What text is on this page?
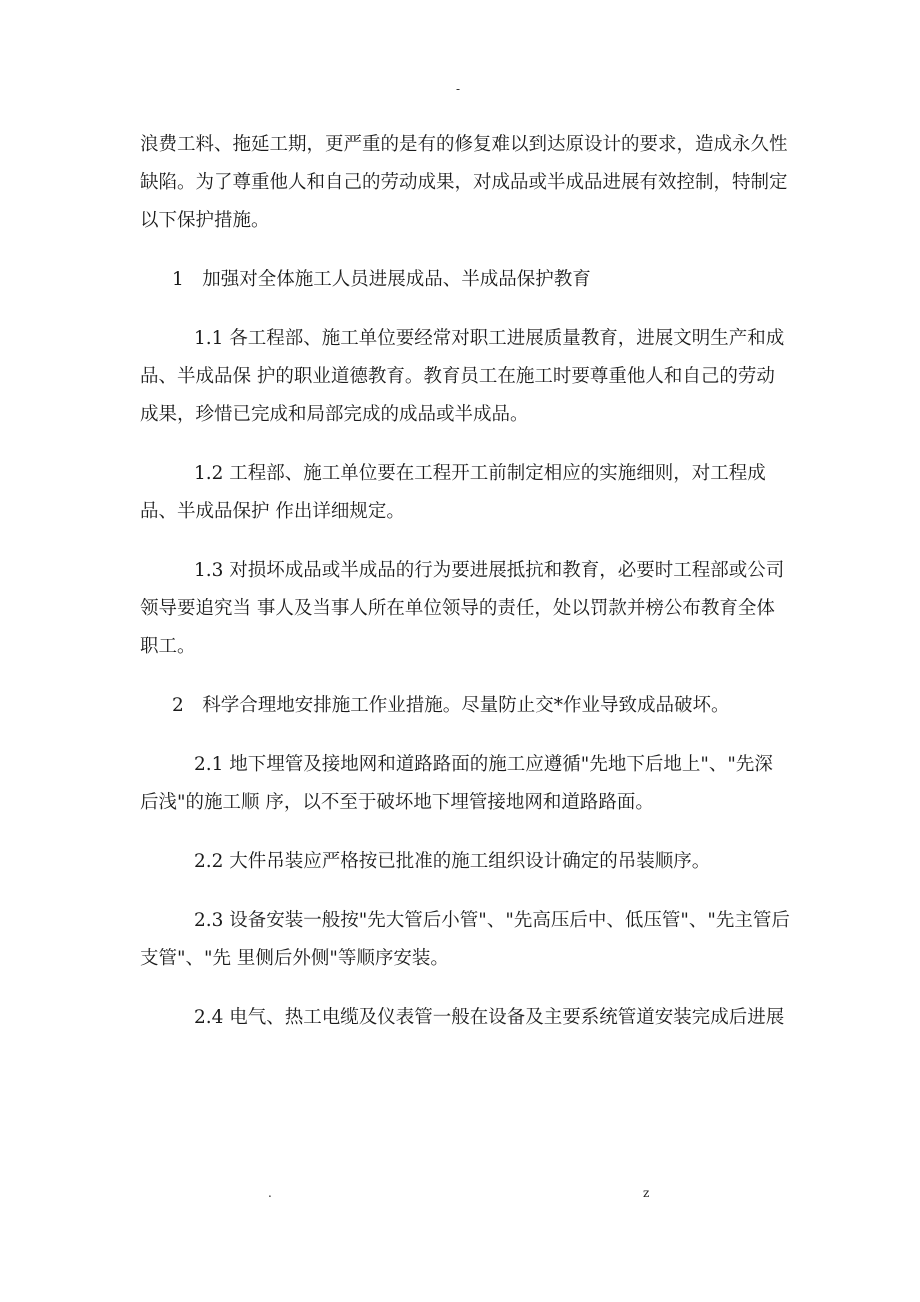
-

浪费工料、拖延工期，更严重的是有的修复难以到达原设计的要求，造成永久性缺陷。为了尊重他人和自己的劳动成果，对成品或半成品进展有效控制，特制定以下保护措施。

1　加强对全体施工人员进展成品、半成品保护教育

1.1 各工程部、施工单位要经常对职工进展质量教育，进展文明生产和成品、半成品保 护的职业道德教育。教育员工在施工时要尊重他人和自己的劳动成果，珍惜已完成和局部完成的成品或半成品。

1.2 工程部、施工单位要在工程开工前制定相应的实施细则，对工程成品、半成品保护 作出详细规定。

1.3 对损坏成品或半成品的行为要进展抵抗和教育，必要时工程部或公司领导要追究当 事人及当事人所在单位领导的责任，处以罚款并榜公布教育全体职工。

2　科学合理地安排施工作业措施。尽量防止交*作业导致成品破坏。

2.1 地下埋管及接地网和道路路面的施工应遵循"先地下后地上"、"先深后浅"的施工顺 序，以不至于破坏地下埋管接地网和道路路面。

2.2 大件吊装应严格按已批准的施工组织设计确定的吊装顺序。

2.3 设备安装一般按"先大管后小管"、"先高压后中、低压管"、"先主管后支管"、"先 里侧后外侧"等顺序安装。

2.4 电气、热工电缆及仪表管一般在设备及主要系统管道安装完成后进展

.	z
